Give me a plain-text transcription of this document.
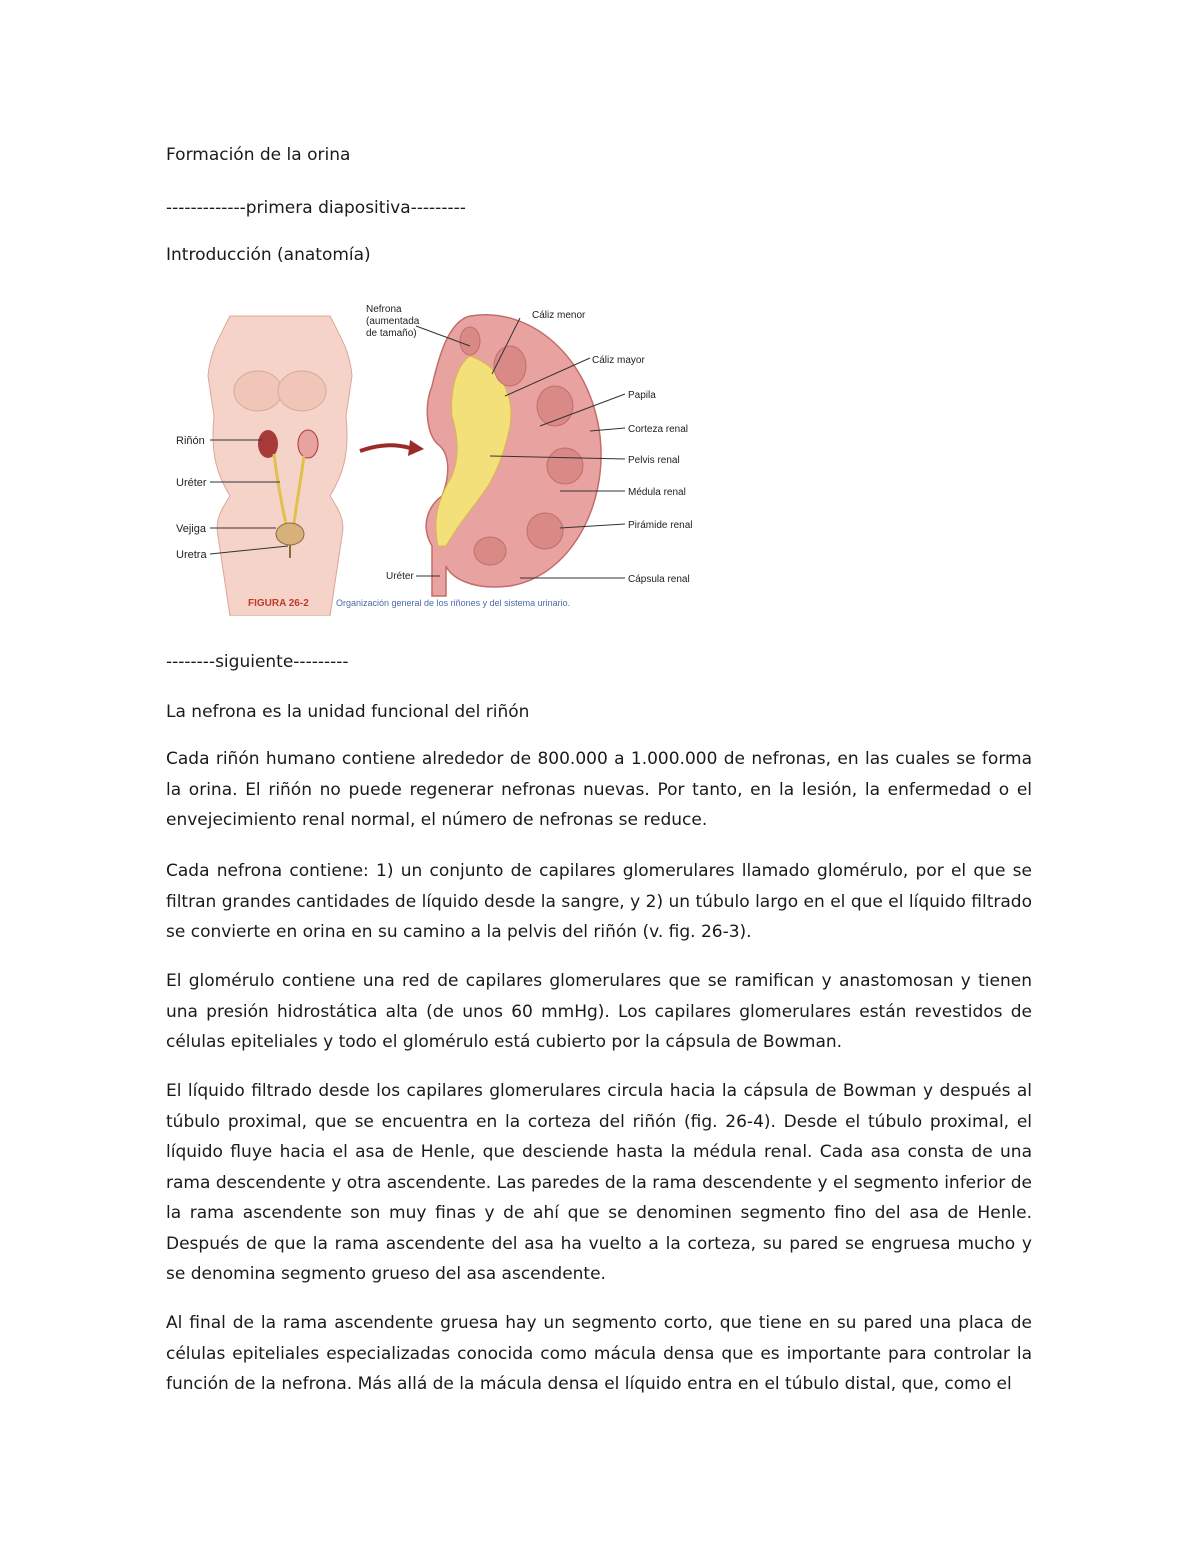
Formación de la orina

-------------primera diapositiva---------

Introducción (anatomía)

Riñón
Uréter
Vejiga
Uretra
Nefrona
(aumentada
de tamaño)
Cáliz menor
Cáliz mayor
Papila
Corteza renal
Pelvis renal
Médula renal
Pirámide renal
Uréter	Cápsula renal
FIGURA 26-2	Organización general de los riñones y del sistema urinario.

--------siguiente---------

La nefrona es la unidad funcional del riñón

Cada riñón humano contiene alrededor de 800.000 a 1.000.000 de nefronas, en las cuales se forma la orina. El riñón no puede regenerar nefronas nuevas. Por tanto, en la lesión, la enfermedad o el envejecimiento renal normal, el número de nefronas se reduce.

Cada nefrona contiene: 1) un conjunto de capilares glomerulares llamado glomérulo, por el que se filtran grandes cantidades de líquido desde la sangre, y 2) un túbulo largo en el que el líquido filtrado se convierte en orina en su camino a la pelvis del riñón (v. fig. 26-3).

El glomérulo contiene una red de capilares glomerulares que se ramifican y anastomosan y tienen una presión hidrostática alta (de unos 60 mmHg). Los capilares glomerulares están revestidos de células epiteliales y todo el glomérulo está cubierto por la cápsula de Bowman.

El líquido filtrado desde los capilares glomerulares circula hacia la cápsula de Bowman y después al túbulo proximal, que se encuentra en la corteza del riñón (fig. 26-4). Desde el túbulo proximal, el líquido fluye hacia el asa de Henle, que desciende hasta la médula renal. Cada asa consta de una rama descendente y otra ascendente. Las paredes de la rama descendente y el segmento inferior de la rama ascendente son muy finas y de ahí que se denominen segmento fino del asa de Henle. Después de que la rama ascendente del asa ha vuelto a la corteza, su pared se engruesa mucho y se denomina segmento grueso del asa ascendente.

Al final de la rama ascendente gruesa hay un segmento corto, que tiene en su pared una placa de células epiteliales especializadas conocida como mácula densa que es importante para controlar la función de la nefrona. Más allá de la mácula densa el líquido entra en el túbulo distal, que, como el
